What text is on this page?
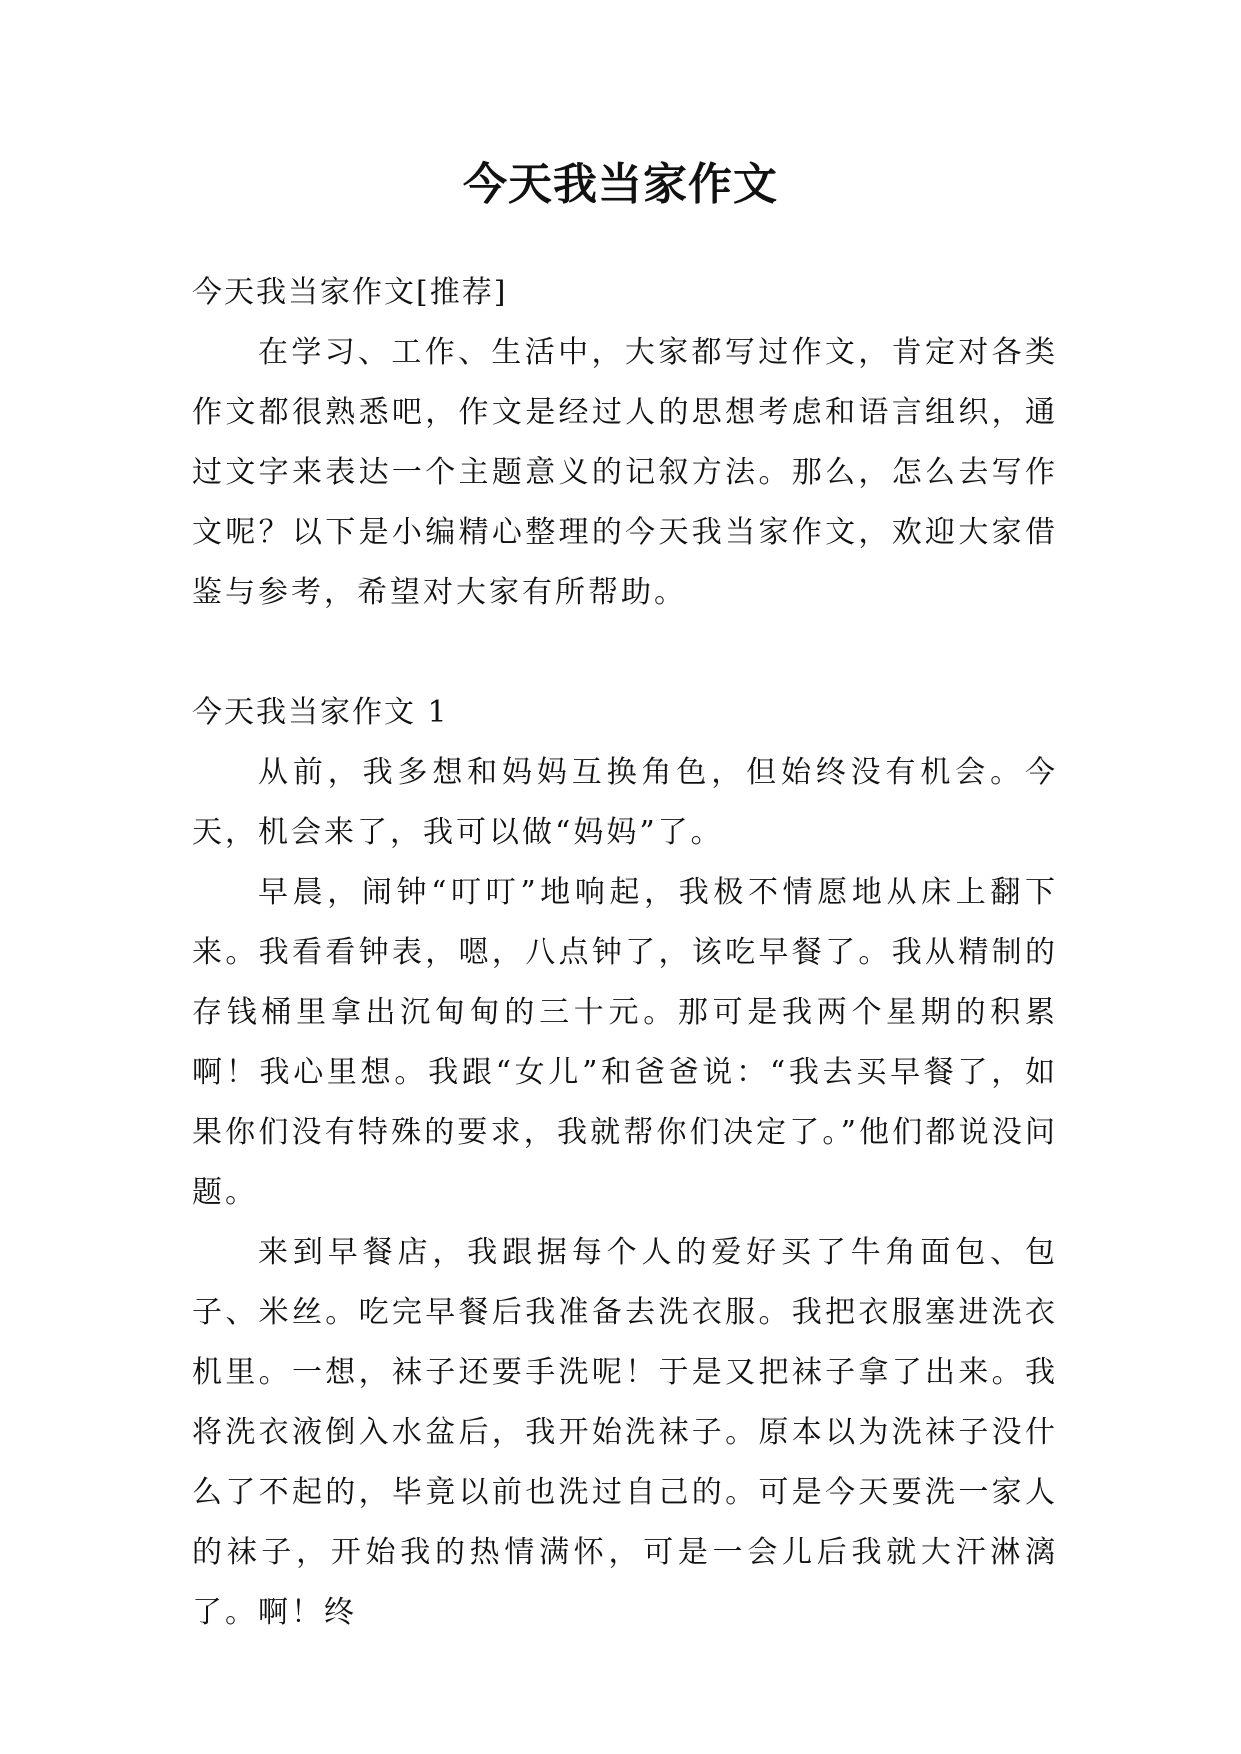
今天我当家作文

今天我当家作文[推荐]

在学习、工作、生活中，大家都写过作文，肯定对各类作文都很熟悉吧，作文是经过人的思想考虑和语言组织，通过文字来表达一个主题意义的记叙方法。那么，怎么去写作文呢？以下是小编精心整理的今天我当家作文，欢迎大家借鉴与参考，希望对大家有所帮助。

今天我当家作文 1

从前，我多想和妈妈互换角色，但始终没有机会。今天，机会来了，我可以做“妈妈”了。

早晨，闹钟“叮叮”地响起，我极不情愿地从床上翻下来。我看看钟表，嗯，八点钟了，该吃早餐了。我从精制的存钱桶里拿出沉甸甸的三十元。那可是我两个星期的积累啊！我心里想。我跟“女儿”和爸爸说：“我去买早餐了，如果你们没有特殊的要求，我就帮你们决定了。”他们都说没问题。

来到早餐店，我跟据每个人的爱好买了牛角面包、包子、米丝。吃完早餐后我准备去洗衣服。我把衣服塞进洗衣机里。一想，袜子还要手洗呢！于是又把袜子拿了出来。我将洗衣液倒入水盆后，我开始洗袜子。原本以为洗袜子没什么了不起的，毕竟以前也洗过自己的。可是今天要洗一家人的袜子，开始我的热情满怀，可是一会儿后我就大汗淋漓了。啊！终
